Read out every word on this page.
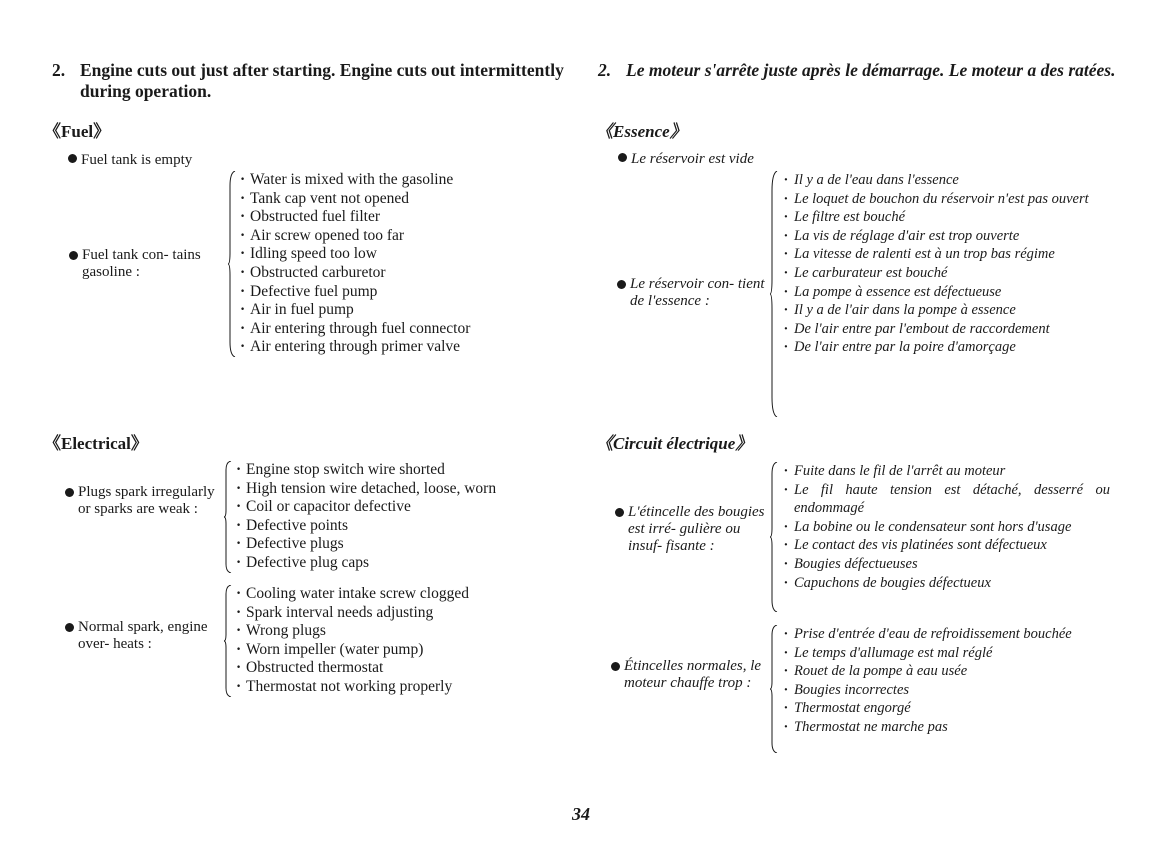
2. Engine cuts out just after starting. Engine cuts out intermittently during operation.
《Fuel》
Fuel tank is empty
Fuel tank con- tains gasoline :
· Water is mixed with the gasoline
· Tank cap vent not opened
· Obstructed fuel filter
· Air screw opened too far
· Idling speed too low
· Obstructed carburetor
· Defective fuel pump
· Air in fuel pump
· Air entering through fuel connector
· Air entering through primer valve
《Electrical》
Plugs spark irregularly or sparks are weak :
· Engine stop switch wire shorted
· High tension wire detached, loose, worn
· Coil or capacitor defective
· Defective points
· Defective plugs
· Defective plug caps
Normal spark, engine over- heats :
· Cooling water intake screw clogged
· Spark interval needs adjusting
· Wrong plugs
· Worn impeller (water pump)
· Obstructed thermostat
· Thermostat not working properly
2. Le moteur s'arrête juste après le démarrage. Le moteur a des ratées.
《Essence》
Le réservoir est vide
Le réservoir con- tient de l'essence :
· Il y a de l'eau dans l'essence
· Le loquet de bouchon du réservoir n'est pas ouvert
· Le filtre est bouché
· La vis de réglage d'air est trop ouverte
· La vitesse de ralenti est à un trop bas régime
· Le carburateur est bouché
· La pompe à essence est défectueuse
· Il y a de l'air dans la pompe à essence
· De l'air entre par l'embout de raccordement
· De l'air entre par la poire d'amorçage
《Circuit électrique》
L'étincelle des bougies est irré- gulière ou insuf- fisante :
· Fuite dans le fil de l'arrêt au moteur
· Le fil haute tension est détaché, desserré ou endommagé
· La bobine ou le condensateur sont hors d'usage
· Le contact des vis platinées sont défectueux
· Bougies défectueuses
· Capuchons de bougies défectueux
Étincelles normales, le moteur chauffe trop :
· Prise d'entrée d'eau de refroidissement bouchée
· Le temps d'allumage est mal réglé
· Rouet de la pompe à eau usée
· Bougies incorrectes
· Thermostat engorgé
· Thermostat ne marche pas
34
